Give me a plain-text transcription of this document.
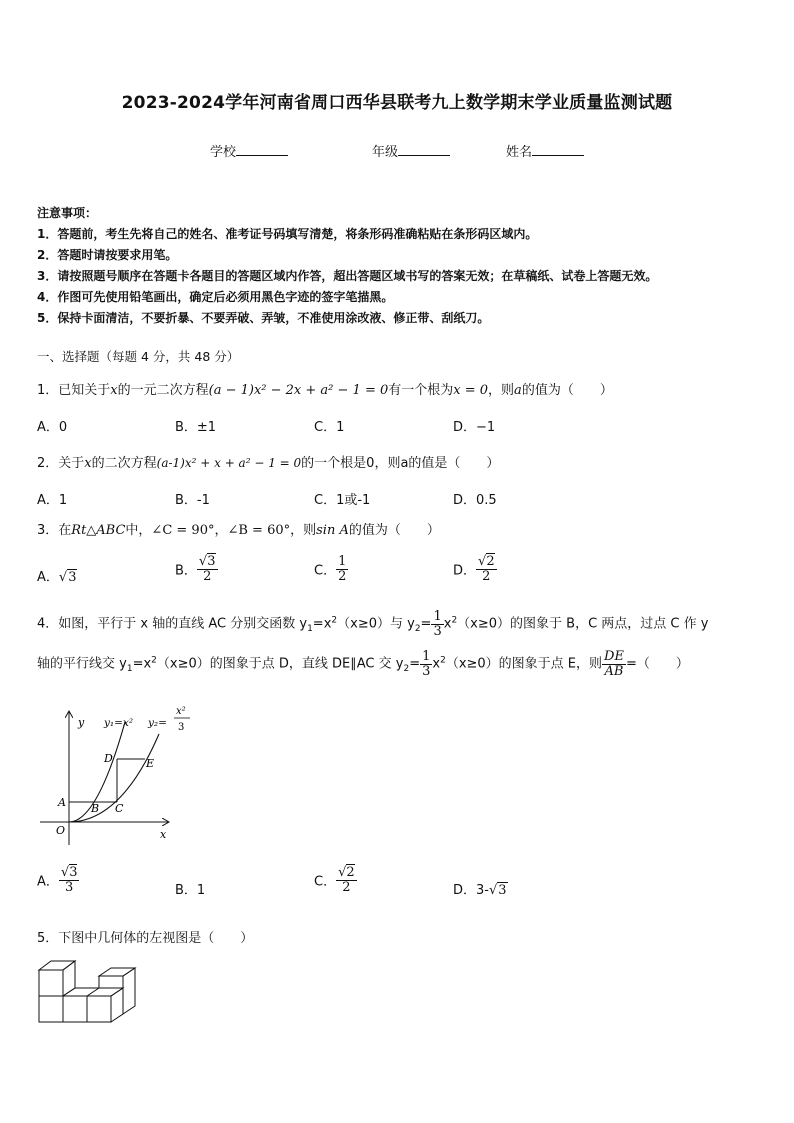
2023-2024学年河南省周口西华县联考九上数学期末学业质量监测试题
学校	年级	姓名
注意事项：
1．答题前，考生先将自己的姓名、准考证号码填写清楚，将条形码准确粘贴在条形码区域内。
2．答题时请按要求用笔。
3．请按照题号顺序在答题卡各题目的答题区域内作答，超出答题区域书写的答案无效；在草稿纸、试卷上答题无效。
4．作图可先使用铅笔画出，确定后必须用黑色字迹的签字笔描黑。
5．保持卡面清洁，不要折暴、不要弄破、弄皱，不准使用涂改液、修正带、刮纸刀。
一、选择题（每题 4 分，共 48 分）
1．已知关于x的一元二次方程(a − 1)x² − 2x + a² − 1 = 0有一个根为x = 0，则a的值为（　　）
A．0	B．±1	C．1	D．−1
2．关于x的二次方程(a-1)x² + x + a² − 1 = 0的一个根是0，则a的值是（　　）
A．1	B．-1	C．1或-1	D．0.5
3．在Rt△ABC中，∠C = 90°，∠B = 60°，则sin A的值为（　　）
A．√3	B． $\frac{√3}{2}$	C． $\frac{1}{2}$	D． $\frac{√2}{2}$
4．如图，平行于 x 轴的直线 AC 分别交函数 $y_1=x^2(x\ge 0)$与 $y_2= \frac{1}{3} x^2(x\ge 0)$的图象于 B，C 两点，过点 C 作 y
轴的平行线交 $y_1=x^2(x\ge 0)$的图象于点 D，直线 DE∥AC 交 $y_2= \frac{1}{3} x^2(x\ge 0)$的图象于点 E，则 $\frac{DE}{AB}$ =（　　）
y
x
O
y₁=x² y₂=
x²
3
A B C
D	E
A． $\frac{√3}{3}$	B．1
C． $\frac{√2}{2}$	D．3-√3
5．下图中几何体的左视图是（　　）
